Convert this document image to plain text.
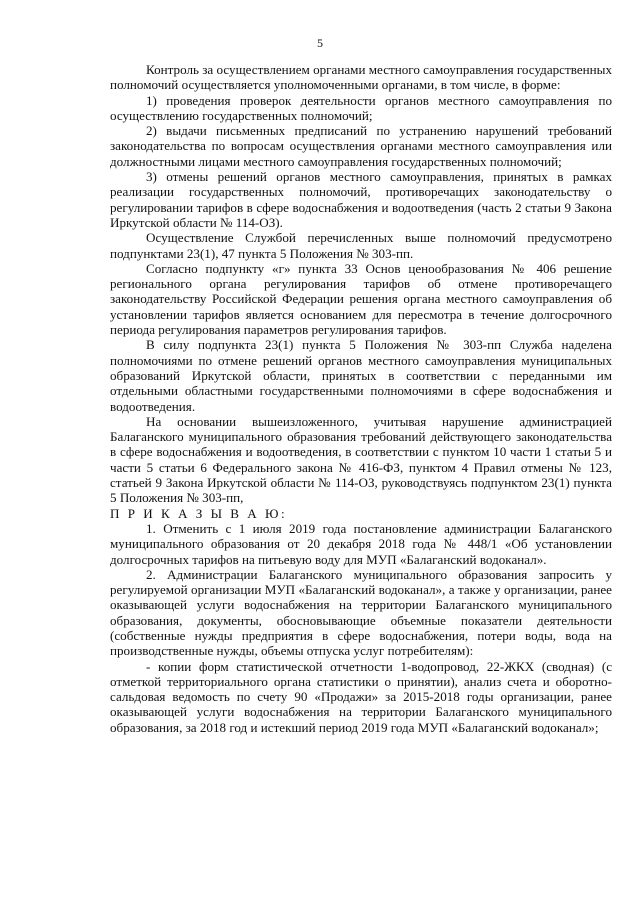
5

Контроль за осуществлением органами местного самоуправления государственных полномочий осуществляется уполномоченными органами, в том числе, в форме:

1) проведения проверок деятельности органов местного самоуправления по осуществлению государственных полномочий;

2) выдачи письменных предписаний по устранению нарушений требований законодательства по вопросам осуществления органами местного самоуправления или должностными лицами местного самоуправления государственных полномочий;

3) отмены решений органов местного самоуправления, принятых в рамках реализации государственных полномочий, противоречащих законодательству о регулировании тарифов в сфере водоснабжения и водоотведения (часть 2 статьи 9 Закона Иркутской области № 114-ОЗ).

Осуществление Службой перечисленных выше полномочий предусмотрено подпунктами 23(1), 47 пункта 5 Положения № 303-пп.

Согласно подпункту «г» пункта 33 Основ ценообразования № 406 решение регионального органа регулирования тарифов об отмене противоречащего законодательству Российской Федерации решения органа местного самоуправления об установлении тарифов является основанием для пересмотра в течение долгосрочного периода регулирования параметров регулирования тарифов.

В силу подпункта 23(1) пункта 5 Положения № 303-пп Служба наделена полномочиями по отмене решений органов местного самоуправления муниципальных образований Иркутской области, принятых в соответствии с переданными им отдельными областными государственными полномочиями в сфере водоснабжения и водоотведения.

На основании вышеизложенного, учитывая нарушение администрацией Балаганского муниципального образования требований действующего законодательства в сфере водоснабжения и водоотведения, в соответствии с пунктом 10 части 1 статьи 5 и части 5 статьи 6 Федерального закона № 416-ФЗ, пунктом 4 Правил отмены № 123, статьей 9 Закона Иркутской области № 114-ОЗ, руководствуясь подпунктом 23(1) пункта 5 Положения № 303-пп,

П Р И К А З Ы В А Ю:

1. Отменить с 1 июля 2019 года постановление администрации Балаганского муниципального образования от 20 декабря 2018 года № 448/1 «Об установлении долгосрочных тарифов на питьевую воду для МУП «Балаганский водоканал».

2. Администрации Балаганского муниципального образования запросить у регулируемой организации МУП «Балаганский водоканал», а также у организации, ранее оказывающей услуги водоснабжения на территории Балаганского муниципального образования, документы, обосновывающие объемные показатели деятельности (собственные нужды предприятия в сфере водоснабжения, потери воды, вода на производственные нужды, объемы отпуска услуг потребителям):

- копии форм статистической отчетности 1-водопровод, 22-ЖКХ (сводная) (с отметкой территориального органа статистики о принятии), анализ счета и оборотно-сальдовая ведомость по счету 90 «Продажи» за 2015-2018 годы организации, ранее оказывающей услуги водоснабжения на территории Балаганского муниципального образования, за 2018 год и истекший период 2019 года МУП «Балаганский водоканал»;
